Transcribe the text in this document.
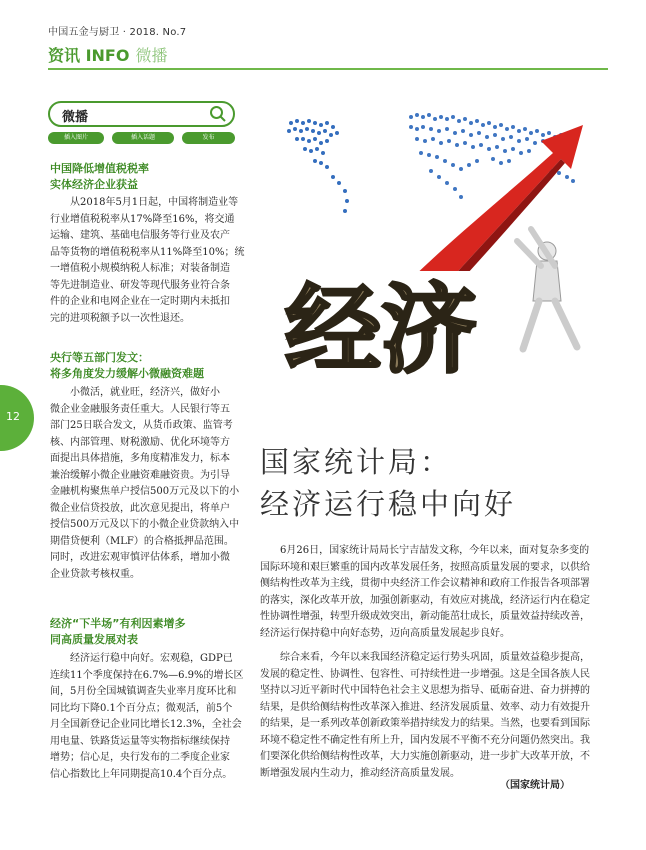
中国五金与厨卫 · 2018. No.7
资讯 INFO 微播
微播
插入图片	插入话题	发布
中国降低增值税税率
实体经济企业获益
　　从2018年5月1日起，中国将制造业等
行业增值税税率从17%降至16%，将交通
运输、建筑、基础电信服务等行业及农产
品等货物的增值税税率从11%降至10%；统
一增值税小规模纳税人标准；对装备制造
等先进制造业、研发等现代服务业符合条
件的企业和电网企业在一定时期内未抵扣
完的进项税额予以一次性退还。
央行等五部门发文：
将多角度发力缓解小微融资难题
　　小微活，就业旺，经济兴，做好小
微企业金融服务责任重大。人民银行等五
部门25日联合发文，从货币政策、监管考
核、内部管理、财税激励、优化环境等方
面提出具体措施，多角度精准发力，标本
兼治缓解小微企业融资难融资贵。为引导
金融机构聚焦单户授信500万元及以下的小
微企业信贷投放，此次意见提出，将单户
授信500万元及以下的小微企业贷款纳入中
期借贷便利（MLF）的合格抵押品范围。
同时，改进宏观审慎评估体系，增加小微
企业贷款考核权重。
经济“下半场”有利因素增多
同高质量发展对表
　　经济运行稳中向好。宏观稳，GDP已
连续11个季度保持在6.7%—6.9%的增长区
间，5月份全国城镇调查失业率月度环比和
同比均下降0.1个百分点；微观活，前5个
月全国新登记企业同比增长12.3%，全社会
用电量、铁路货运量等实物指标继续保持
增势；信心足，央行发布的二季度企业家
信心指数比上年同期提高10.4个百分点。
12
经济
国家统计局：
经济运行稳中向好
　　6月26日，国家统计局局长宁吉喆发文称，今年以来，面对复杂多变的
国际环境和艰巨繁重的国内改革发展任务，按照高质量发展的要求，以供给
侧结构性改革为主线，贯彻中央经济工作会议精神和政府工作报告各项部署
的落实，深化改革开放，加强创新驱动，有效应对挑战，经济运行内在稳定
性协调性增强，转型升级成效突出，新动能茁壮成长，质量效益持续改善，
经济运行保持稳中向好态势，迈向高质量发展起步良好。
　　综合来看，今年以来我国经济稳定运行势头巩固，质量效益稳步提高，
发展的稳定性、协调性、包容性、可持续性进一步增强。这是全国各族人民
坚持以习近平新时代中国特色社会主义思想为指导、砥砺奋进、奋力拼搏的
结果，是供给侧结构性改革深入推进、经济发展质量、效率、动力有效提升
的结果，是一系列改革创新政策举措持续发力的结果。当然，也要看到国际
环境不稳定性不确定性有所上升，国内发展不平衡不充分问题仍然突出。我
们要深化供给侧结构性改革，大力实施创新驱动，进一步扩大改革开放，不
断增强发展内生动力，推动经济高质量发展。
（国家统计局）
